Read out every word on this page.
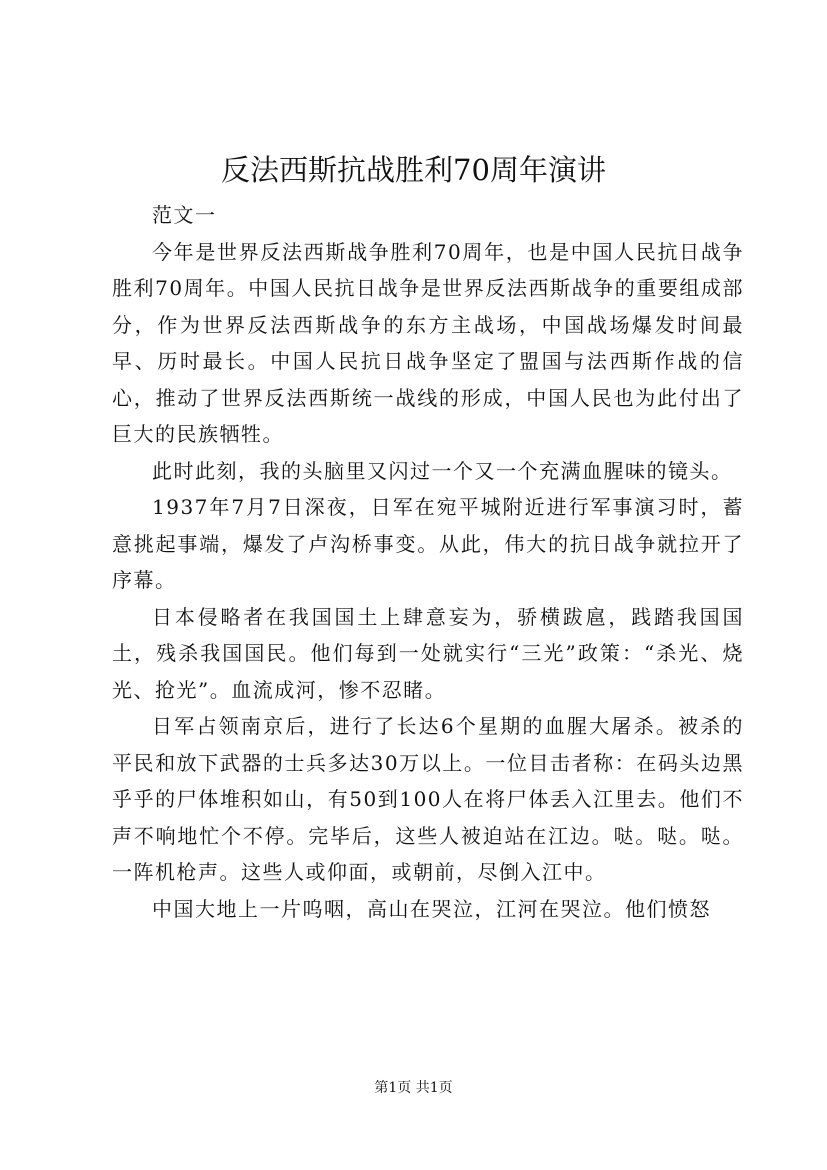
反法西斯抗战胜利70周年演讲

范文一

今年是世界反法西斯战争胜利70周年，也是中国人民抗日战争胜利70周年。中国人民抗日战争是世界反法西斯战争的重要组成部分，作为世界反法西斯战争的东方主战场，中国战场爆发时间最早、历时最长。中国人民抗日战争坚定了盟国与法西斯作战的信心，推动了世界反法西斯统一战线的形成，中国人民也为此付出了巨大的民族牺牲。

此时此刻，我的头脑里又闪过一个又一个充满血腥味的镜头。

1937年7月7日深夜，日军在宛平城附近进行军事演习时，蓄意挑起事端，爆发了卢沟桥事变。从此，伟大的抗日战争就拉开了序幕。

日本侵略者在我国国土上肆意妄为，骄横跋扈，践踏我国国土，残杀我国国民。他们每到一处就实行“三光”政策：“杀光、烧光、抢光”。血流成河，惨不忍睹。

日军占领南京后，进行了长达6个星期的血腥大屠杀。被杀的平民和放下武器的士兵多达30万以上。一位目击者称：在码头边黑乎乎的尸体堆积如山，有50到100人在将尸体丢入江里去。他们不声不响地忙个不停。完毕后，这些人被迫站在江边。哒。哒。哒。一阵机枪声。这些人或仰面，或朝前，尽倒入江中。

中国大地上一片呜咽，高山在哭泣，江河在哭泣。他们愤怒

第1页 共1页
